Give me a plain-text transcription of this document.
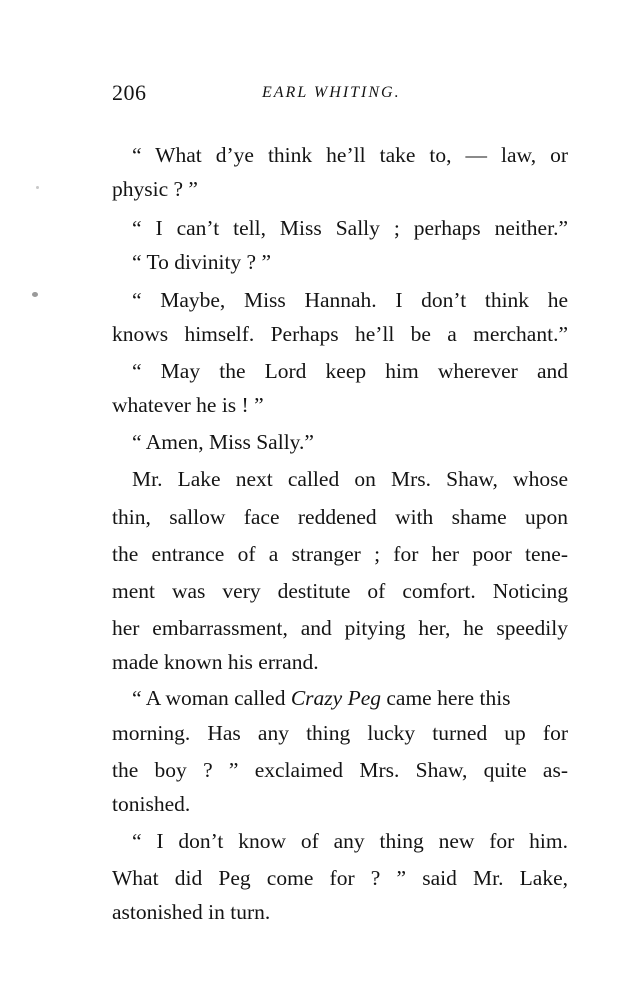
206	EARL WHITING.
“ What d’ye think he’ll take to, — law, or
physic ? ”
“ I can’t tell, Miss Sally ; perhaps neither.”
“ To divinity ? ”
“ Maybe, Miss Hannah. I don’t think he
knows himself. Perhaps he’ll be a merchant.”
“ May the Lord keep him wherever and
whatever he is ! ”
“ Amen, Miss Sally.”
Mr. Lake next called on Mrs. Shaw, whose
thin, sallow face reddened with shame upon
the entrance of a stranger ; for her poor tene-
ment was very destitute of comfort. Noticing
her embarrassment, and pitying her, he speedily
made known his errand.
“ A woman called Crazy Peg came here this
morning. Has any thing lucky turned up for
the boy ? ” exclaimed Mrs. Shaw, quite as-
tonished.
“ I don’t know of any thing new for him.
What did Peg come for ? ” said Mr. Lake,
astonished in turn.
